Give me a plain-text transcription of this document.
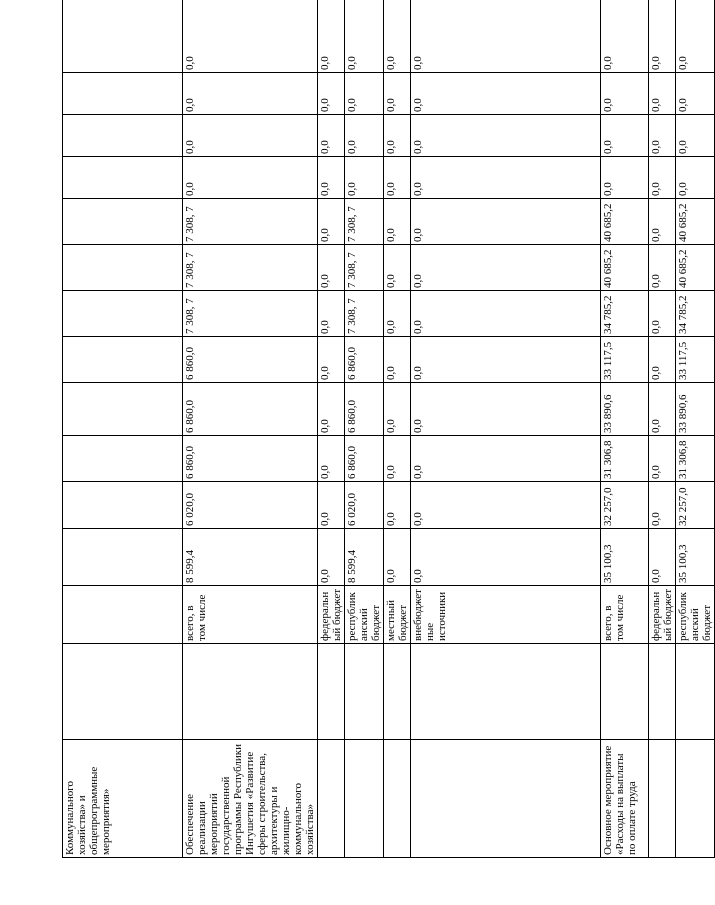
Коммунального хозяйства» и общепрограммные мероприятия»														
Обеспечение реализации мероприятий государственной программы Республики Ингушетия «Развитие сферы строительства, архитектуры и жилищно-коммунального хозяйства»		всего, в том числе	8 599,4	6 020,0	6 860,0	6 860,0	6 860,0	7 308, 7	7 308, 7	7 308, 7	0,0	0,0	0,0	0,0
		федеральный бюджет	0,0	0,0	0,0	0,0	0,0	0,0	0,0	0,0	0,0	0,0	0,0	0,0
		республиканский бюджет	8 599,4	6 020,0	6 860,0	6 860,0	6 860,0	7 308, 7	7 308, 7	7 308, 7	0,0	0,0	0,0	0,0
		местный бюджет	0,0	0,0	0,0	0,0	0,0	0,0	0,0	0,0	0,0	0,0	0,0	0,0
		внебюджетные источники	0,0	0,0	0,0	0,0	0,0	0,0	0,0	0,0	0,0	0,0	0,0	0,0
Основное мероприятие «Расходы на выплаты по оплате труда		всего, в том числе	35 100,3	32 257,0	31 306,8	33 890,6	33 117,5	34 785,2	40 685,2	40 685,2	0,0	0,0	0,0	0,0
		федеральный бюджет	0,0	0,0	0,0	0,0	0,0	0,0	0,0	0,0	0,0	0,0	0,0	0,0
		республиканский бюджет	35 100,3	32 257,0	31 306,8	33 890,6	33 117,5	34 785,2	40 685,2	40 685,2	0,0	0,0	0,0	0,0
